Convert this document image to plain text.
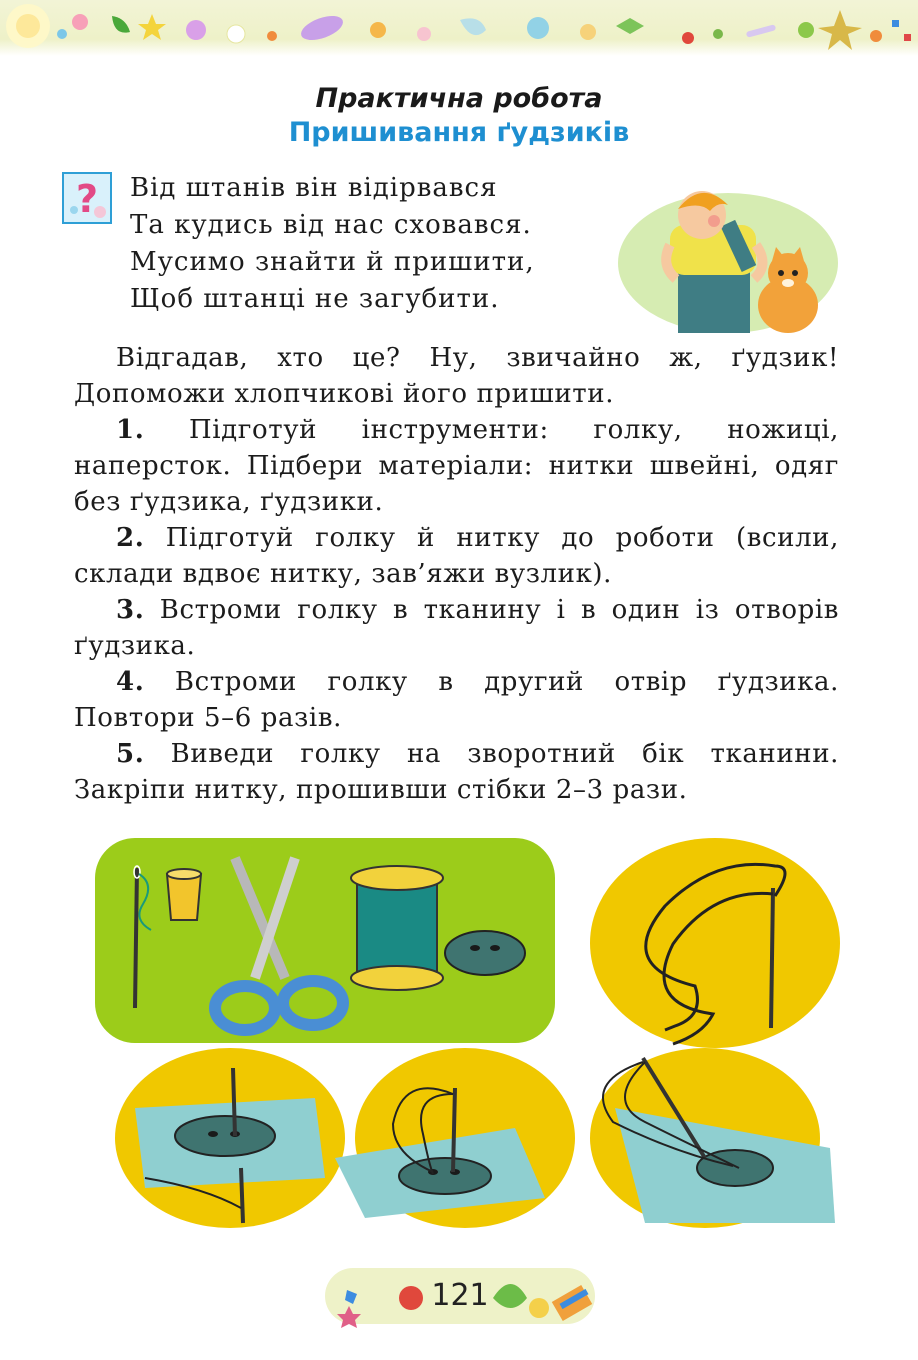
Практична робота
Пришивання ґудзиків
? Від штанів він відірвався
Та кудись від нас сховався.
Мусимо знайти й пришити,
Щоб штанці не загубити.

Відгадав, хто це? Ну, звичайно ж, ґудзик! Допоможи хлопчикові його пришити.

1. Підготуй інструменти: голку, ножиці, наперсток. Підбери матеріали: нитки швейні, одяг без ґудзика, ґудзики.

2. Підготуй голку й нитку до роботи (всили, склади вдвоє нитку, зав’яжи вузлик).

3. Встроми голку в тканину і в один із отворів ґудзика.

4. Встроми голку в другий отвір ґудзика. Повтори 5–6 разів.

5. Виведи голку на зворотний бік тканини. Закріпи нитку, прошивши стібки 2–3 рази.

121
